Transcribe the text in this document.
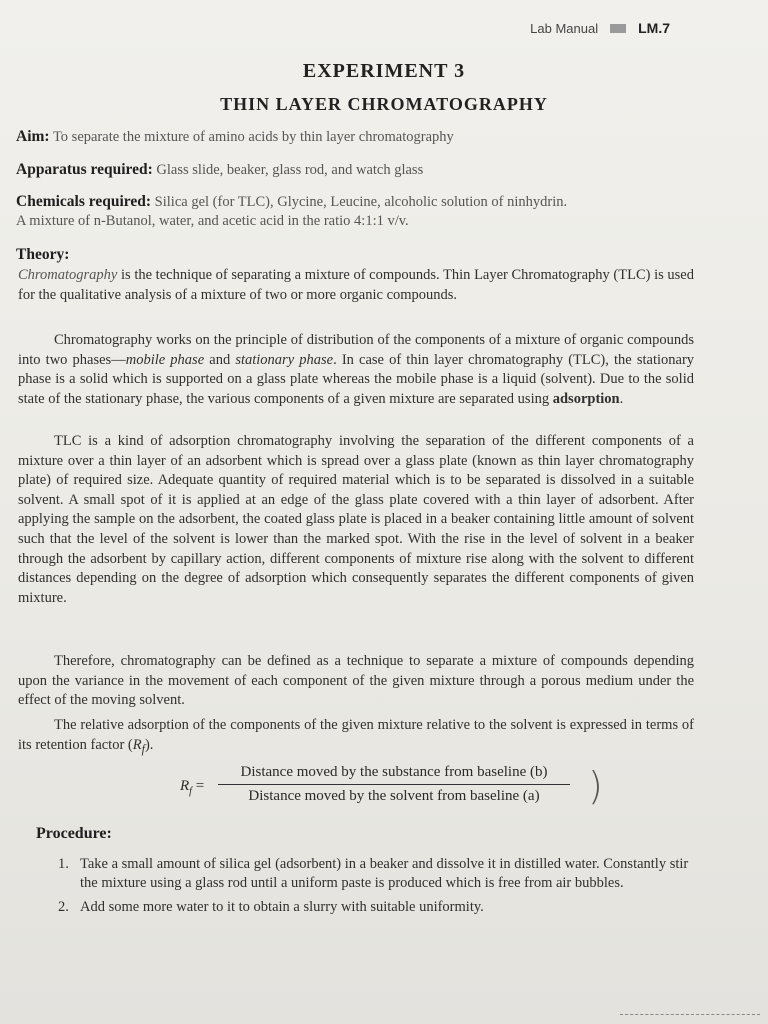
Lab Manual	LM.7
EXPERIMENT 3
THIN LAYER CHROMATOGRAPHY
Aim: To separate the mixture of amino acids by thin layer chromatography
Apparatus required: Glass slide, beaker, glass rod, and watch glass
Chemicals required: Silica gel (for TLC), Glycine, Leucine, alcoholic solution of ninhydrin.
A mixture of n-Butanol, water, and acetic acid in the ratio 4:1:1 v/v.
Theory:
Chromatography is the technique of separating a mixture of compounds. Thin Layer Chromatography (TLC) is used for the qualitative analysis of a mixture of two or more organic compounds.
Chromatography works on the principle of distribution of the components of a mixture of organic compounds into two phases—mobile phase and stationary phase. In case of thin layer chromatography (TLC), the stationary phase is a solid which is supported on a glass plate whereas the mobile phase is a liquid (solvent). Due to the solid state of the stationary phase, the various components of a given mixture are separated using adsorption.
TLC is a kind of adsorption chromatography involving the separation of the different components of a mixture over a thin layer of an adsorbent which is spread over a glass plate (known as thin layer chromatography plate) of required size. Adequate quantity of required material which is to be separated is dissolved in a suitable solvent. A small spot of it is applied at an edge of the glass plate covered with a thin layer of adsorbent. After applying the sample on the adsorbent, the coated glass plate is placed in a beaker containing little amount of solvent such that the level of the solvent is lower than the marked spot. With the rise in the level of solvent in a beaker through the adsorbent by capillary action, different components of mixture rise along with the solvent to different distances depending on the degree of adsorption which consequently separates the different components of given mixture.
Therefore, chromatography can be defined as a technique to separate a mixture of compounds depending upon the variance in the movement of each component of the given mixture through a porous medium under the effect of the moving solvent.
The relative adsorption of the components of the given mixture relative to the solvent is expressed in terms of its retention factor $(R_f)$.
$R_f$ =
Distance moved by the substance from baseline (b)
Distance moved by the solvent from baseline (a)	)
Procedure:
1. Take a small amount of silica gel (adsorbent) in a beaker and dissolve it in distilled water. Constantly stir the mixture using a glass rod until a uniform paste is produced which is free from air bubbles.
2. Add some more water to it to obtain a slurry with suitable uniformity.
